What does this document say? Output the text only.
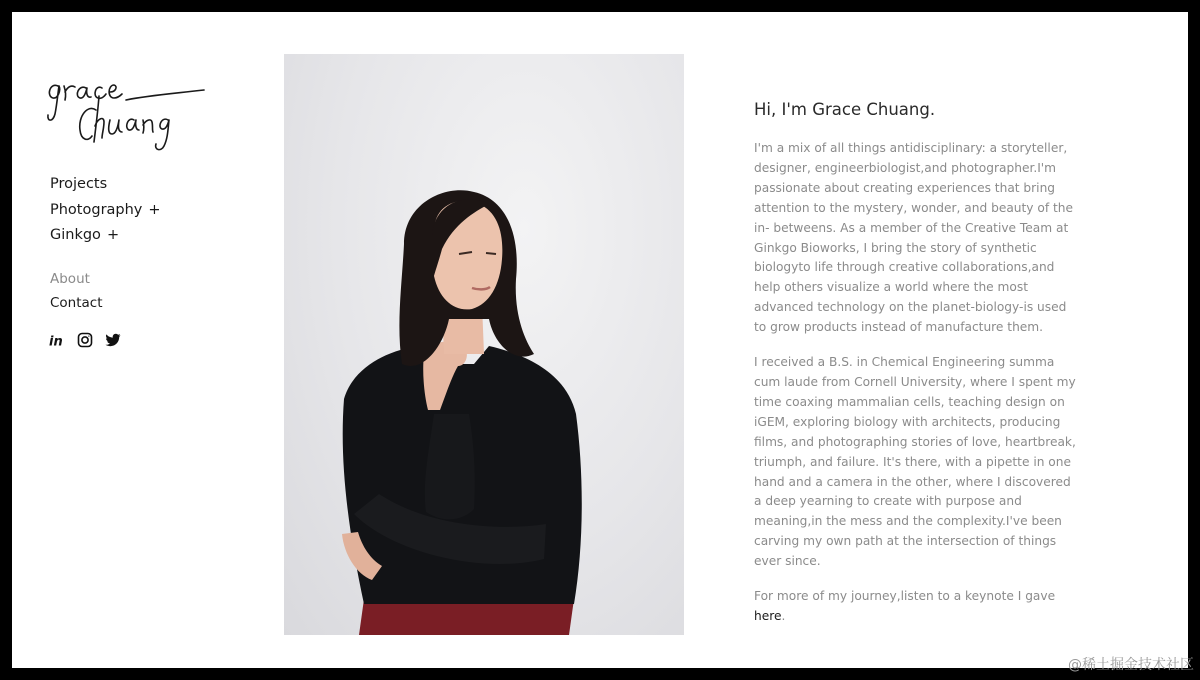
Projects
Photography +
Ginkgo +
About
Contact
in
Hi, I'm Grace Chuang.

I'm a mix of all things antidisciplinary: a storyteller, designer, engineerbiologist,and photographer.I'm passionate about creating experiences that bring attention to the mystery, wonder, and beauty of the in- betweens. As a member of the Creative Team at Ginkgo Bioworks, I bring the story of synthetic biologyto life through creative collaborations,and help others visualize a world where the most advanced technology on the planet-biology-is used to grow products instead of manufacture them.

I received a B.S. in Chemical Engineering summa cum laude from Cornell University, where I spent my time coaxing mammalian cells, teaching design on iGEM, exploring biology with architects, producing films, and photographing stories of love, heartbreak, triumph, and failure. It's there, with a pipette in one hand and a camera in the other, where I discovered a deep yearning to create with purpose and meaning,in the mess and the complexity.I've been carving my own path at the intersection of things ever since.

For more of my journey,listen to a keynote I gave here.

@稀土掘金技术社区
